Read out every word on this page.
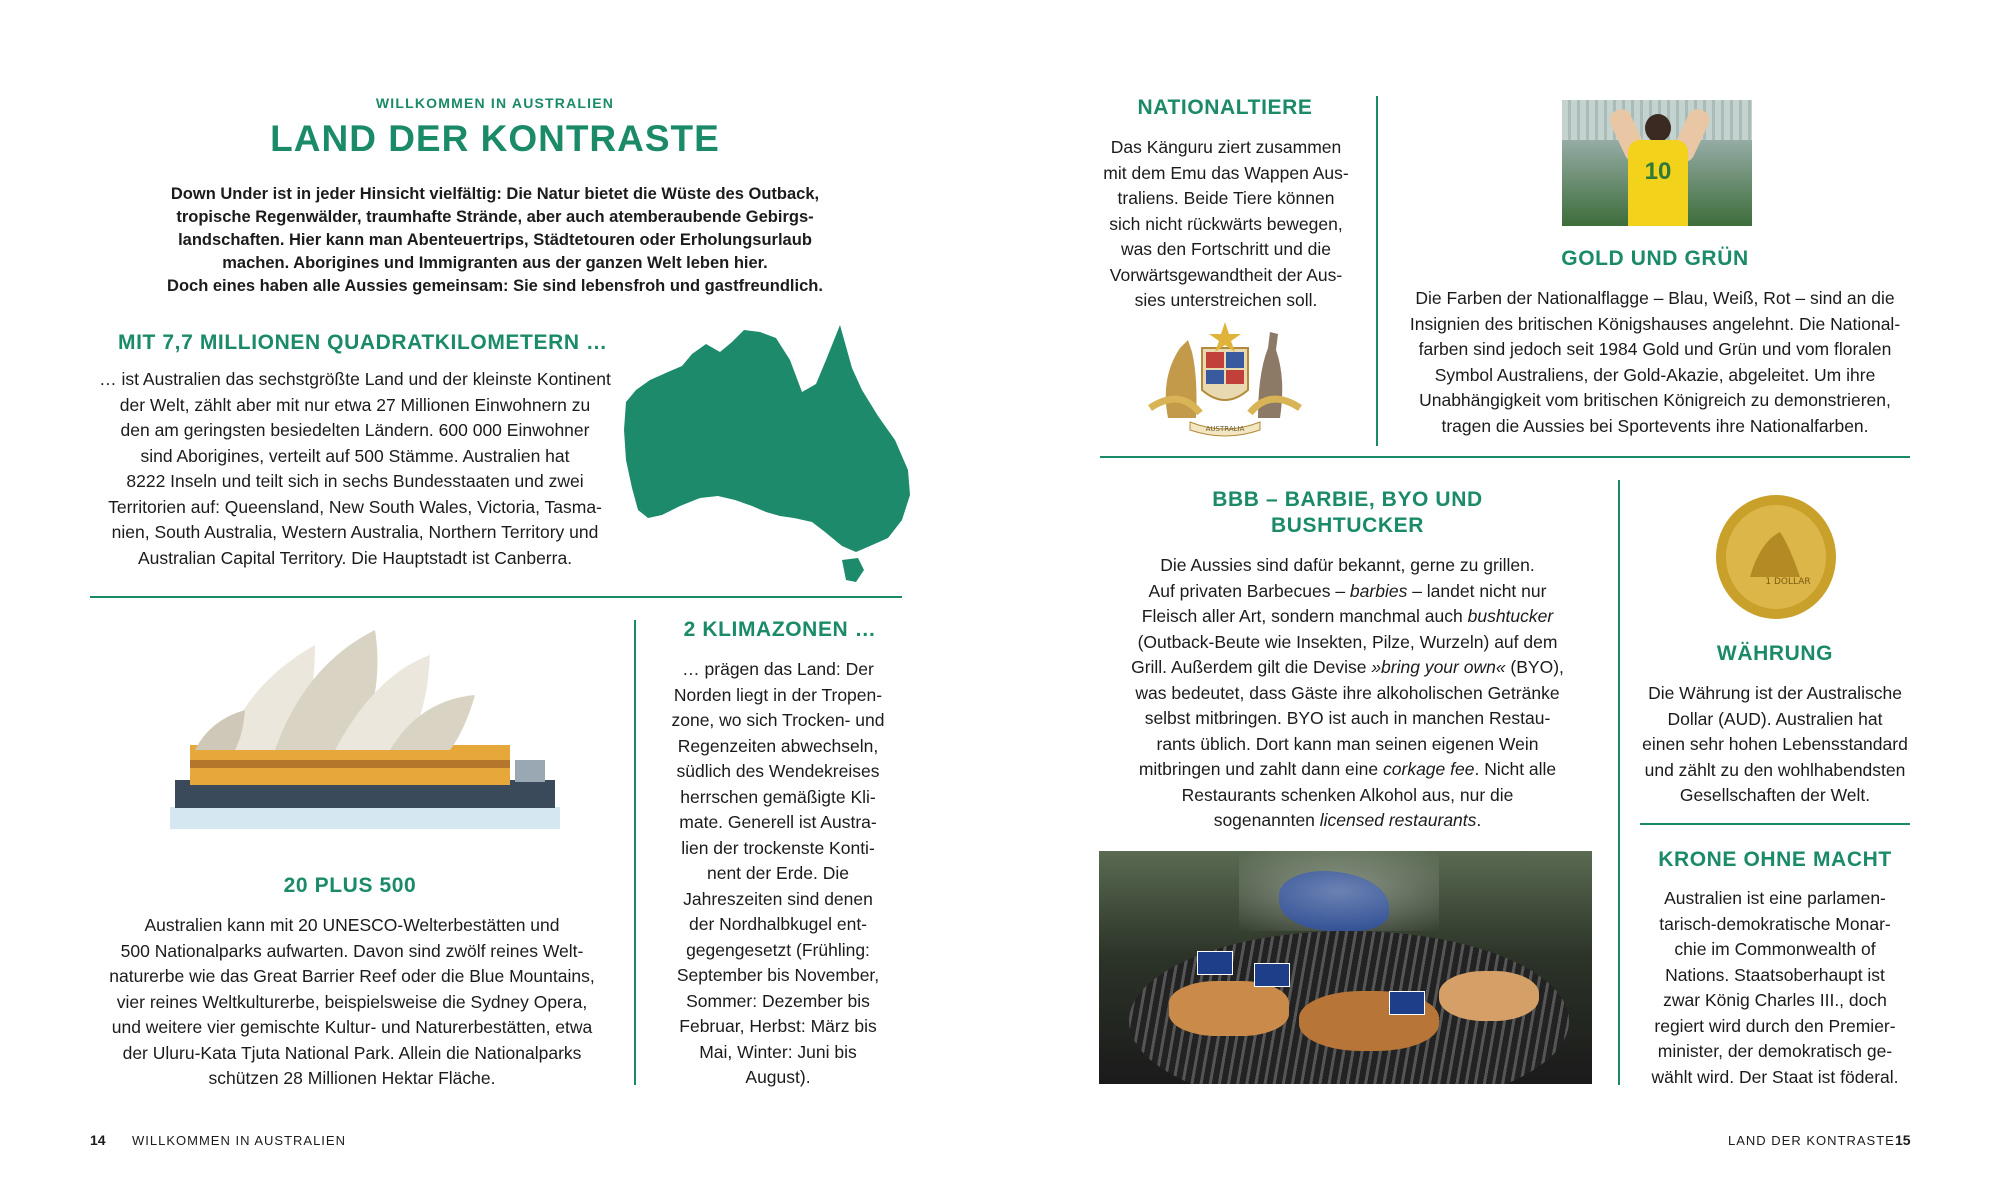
WILLKOMMEN IN AUSTRALIEN
LAND DER KONTRASTE
Down Under ist in jeder Hinsicht vielfältig: Die Natur bietet die Wüste des Outback,
tropische Regenwälder, traumhafte Strände, aber auch atemberaubende Gebirgs-
landschaften. Hier kann man Abenteuertrips, Städtetouren oder Erholungsurlaub
machen. Aborigines und Immigranten aus der ganzen Welt leben hier.
Doch eines haben alle Aussies gemeinsam: Sie sind lebensfroh und gastfreundlich.
MIT 7,7 MILLIONEN QUADRATKILOMETERN …
… ist Australien das sechstgrößte Land und der kleinste Kontinent
der Welt, zählt aber mit nur etwa 27 Millionen Einwohnern zu
den am geringsten besiedelten Ländern. 600 000 Einwohner
sind Aborigines, verteilt auf 500 Stämme. Australien hat
8222 Inseln und teilt sich in sechs Bundesstaaten und zwei
Territorien auf: Queensland, New South Wales, Victoria, Tasma-
nien, South Australia, Western Australia, Northern Territory und
Australian Capital Territory. Die Hauptstadt ist Canberra.
20 PLUS 500
Australien kann mit 20 UNESCO-Welterbestätten und
500 Nationalparks aufwarten. Davon sind zwölf reines Welt-
naturerbe wie das Great Barrier Reef oder die Blue Mountains,
vier reines Weltkulturerbe, beispielsweise die Sydney Opera,
und weitere vier gemischte Kultur- und Naturerbestätten, etwa
der Uluru-Kata Tjuta National Park. Allein die Nationalparks
schützen 28 Millionen Hektar Fläche.
2 KLIMAZONEN …
… prägen das Land: Der
Norden liegt in der Tropen-
zone, wo sich Trocken- und
Regenzeiten abwechseln,
südlich des Wendekreises
herrschen gemäßigte Kli-
mate. Generell ist Austra-
lien der trockenste Konti-
nent der Erde. Die
Jahreszeiten sind denen
der Nordhalbkugel ent-
gegengesetzt (Frühling:
September bis November,
Sommer: Dezember bis
Februar, Herbst: März bis
Mai, Winter: Juni bis
August).
14 WILLKOMMEN IN AUSTRALIEN
NATIONALTIERE
Das Känguru ziert zusammen
mit dem Emu das Wappen Aus-
traliens. Beide Tiere können
sich nicht rückwärts bewegen,
was den Fortschritt und die
Vorwärtsgewandtheit der Aus-
sies unterstreichen soll.
AUSTRALIA
10
GOLD UND GRÜN
Die Farben der Nationalflagge – Blau, Weiß, Rot – sind an die
Insignien des britischen Königshauses angelehnt. Die National-
farben sind jedoch seit 1984 Gold und Grün und vom floralen
Symbol Australiens, der Gold-Akazie, abgeleitet. Um ihre
Unabhängigkeit vom britischen Königreich zu demonstrieren,
tragen die Aussies bei Sportevents ihre Nationalfarben.
BBB – BARBIE, BYO UND
BUSHTUCKER
Die Aussies sind dafür bekannt, gerne zu grillen.
Auf privaten Barbecues – barbies – landet nicht nur
Fleisch aller Art, sondern manchmal auch bushtucker
(Outback-Beute wie Insekten, Pilze, Wurzeln) auf dem
Grill. Außerdem gilt die Devise »bring your own« (BYO),
was bedeutet, dass Gäste ihre alkoholischen Getränke
selbst mitbringen. BYO ist auch in manchen Restau-
rants üblich. Dort kann man seinen eigenen Wein
mitbringen und zahlt dann eine corkage fee. Nicht alle
Restaurants schenken Alkohol aus, nur die
sogenannten licensed restaurants.
1 DOLLAR
WÄHRUNG
Die Währung ist der Australische
Dollar (AUD). Australien hat
einen sehr hohen Lebensstandard
und zählt zu den wohlhabendsten
Gesellschaften der Welt.
KRONE OHNE MACHT
Australien ist eine parlamen-
tarisch-demokratische Monar-
chie im Commonwealth of
Nations. Staatsoberhaupt ist
zwar König Charles III., doch
regiert wird durch den Premier-
minister, der demokratisch ge-
wählt wird. Der Staat ist föderal.
LAND DER KONTRASTE 15
